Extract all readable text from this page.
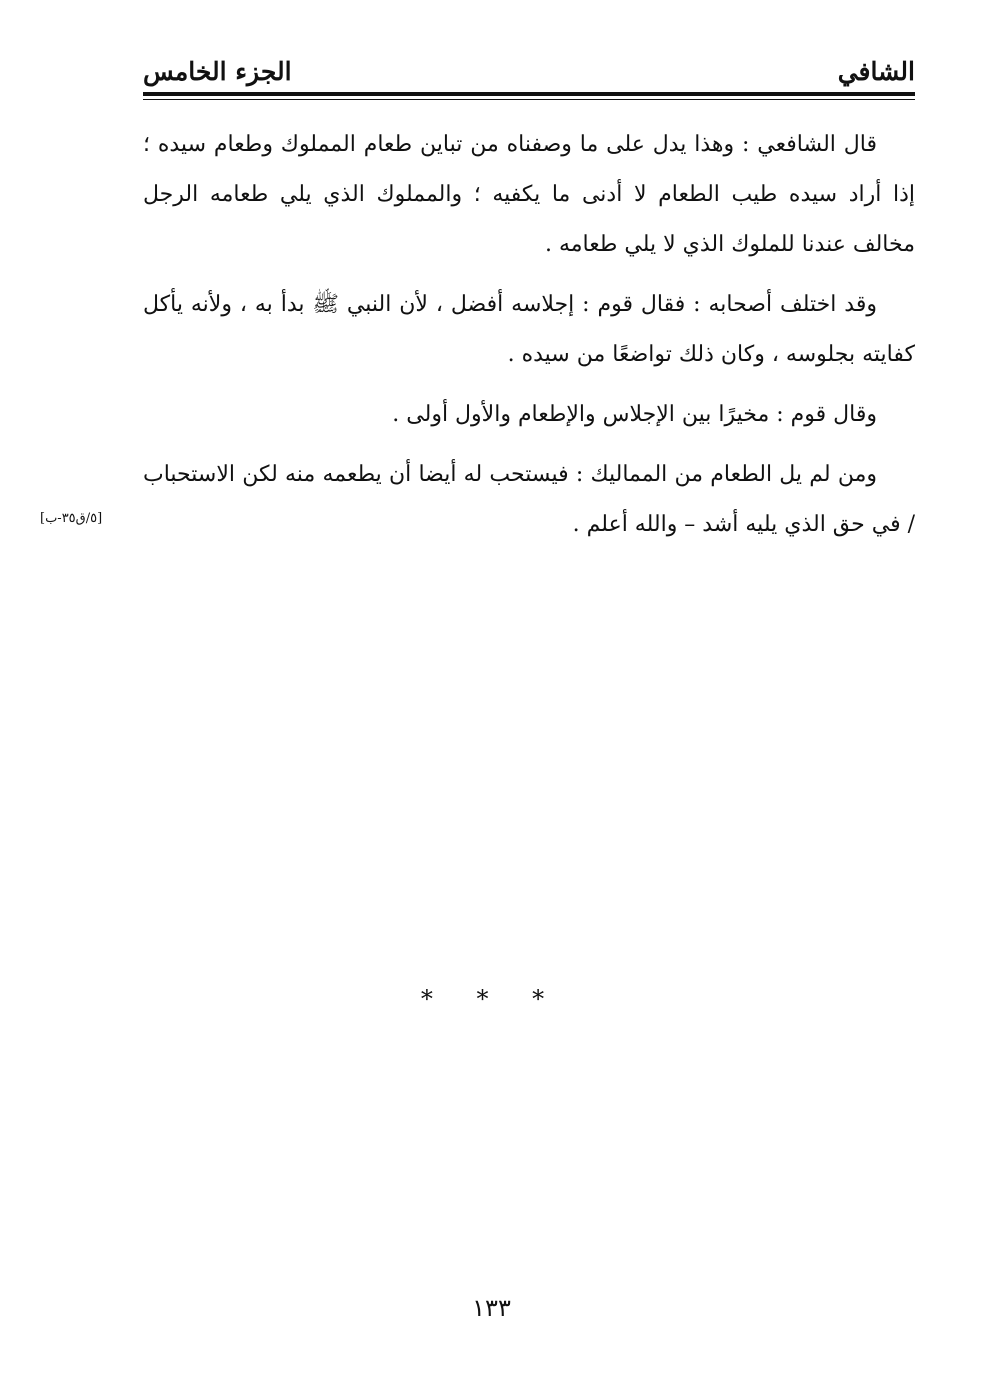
الشافي
الجزء الخامس

قال الشافعي : وهذا يدل على ما وصفناه من تباين طعام المملوك وطعام سيده ؛ إذا أراد سيده طيب الطعام لا أدنى ما يكفيه ؛ والمملوك الذي يلي طعامه الرجل مخالف عندنا للملوك الذي لا يلي طعامه .

وقد اختلف أصحابه : فقال قوم : إجلاسه أفضل ، لأن النبي ﷺ بدأ به ، ولأنه يأكل كفايته بجلوسه ، وكان ذلك تواضعًا من سيده .

وقال قوم : مخيرًا بين الإجلاس والإطعام والأول أولى .

ومن لم يل الطعام من المماليك : فيستحب له أيضا أن يطعمه منه لكن الاستحباب / في حق الذي يليه أشد – والله أعلم .

[٥/ق٣٥-ب]
* * *
١٣٣
